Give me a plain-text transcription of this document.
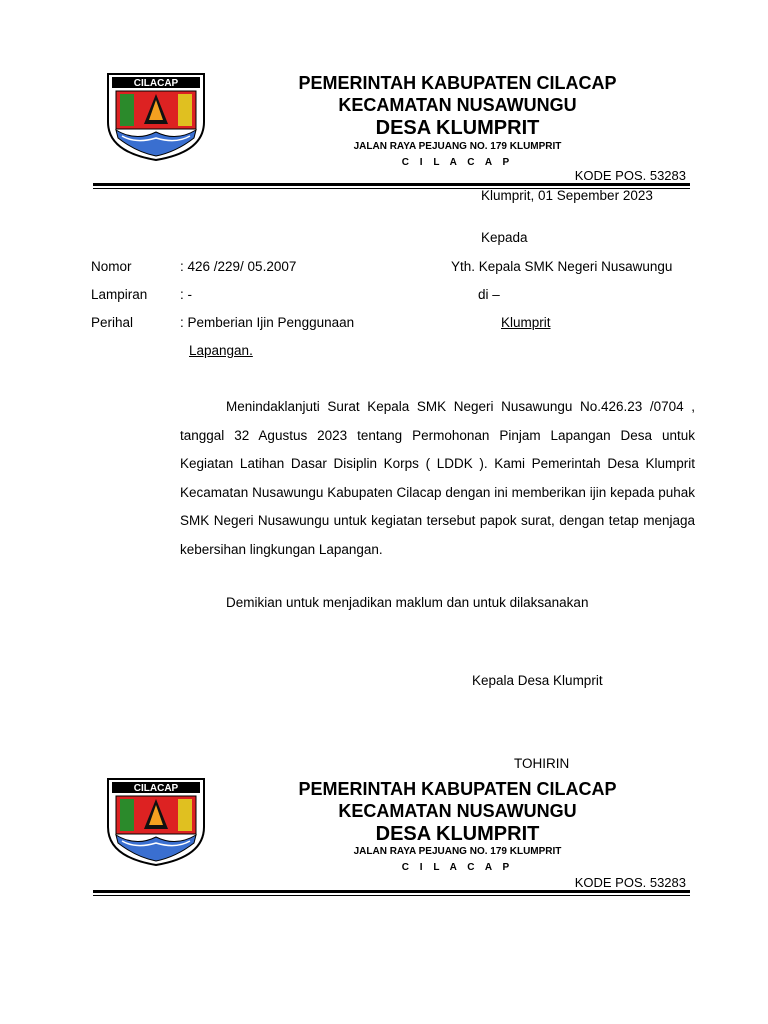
CILACAP	PEMERINTAH KABUPATEN CILACAP
KECAMATAN NUSAWUNGU
DESA KLUMPRIT
JALAN RAYA PEJUANG NO. 179 KLUMPRIT
C I L A C A P
KODE POS. 53283
Klumprit, 01 Sepember 2023
Kepada
Nomor	: 426 /229/ 05.2007	Yth. Kepala SMK Negeri Nusawungu
Lampiran : -	di –
Perihal	: Pemberian Ijin Penggunaan	Klumprit
Lapangan.

Menindaklanjuti Surat Kepala SMK Negeri Nusawungu No.426.23 /0704 , tanggal 32 Agustus 2023 tentang Permohonan Pinjam Lapangan Desa untuk Kegiatan Latihan Dasar Disiplin Korps ( LDDK ). Kami Pemerintah Desa Klumprit Kecamatan Nusawungu Kabupaten Cilacap dengan ini memberikan ijin kepada puhak SMK Negeri Nusawungu untuk kegiatan tersebut papok surat, dengan tetap menjaga kebersihan lingkungan Lapangan.

Demikian untuk menjadikan maklum dan untuk dilaksanakan
Kepala Desa Klumprit
TOHIRIN
CILACAP	PEMERINTAH KABUPATEN CILACAP
KECAMATAN NUSAWUNGU
DESA KLUMPRIT
JALAN RAYA PEJUANG NO. 179 KLUMPRIT
C I L A C A P
KODE POS. 53283
